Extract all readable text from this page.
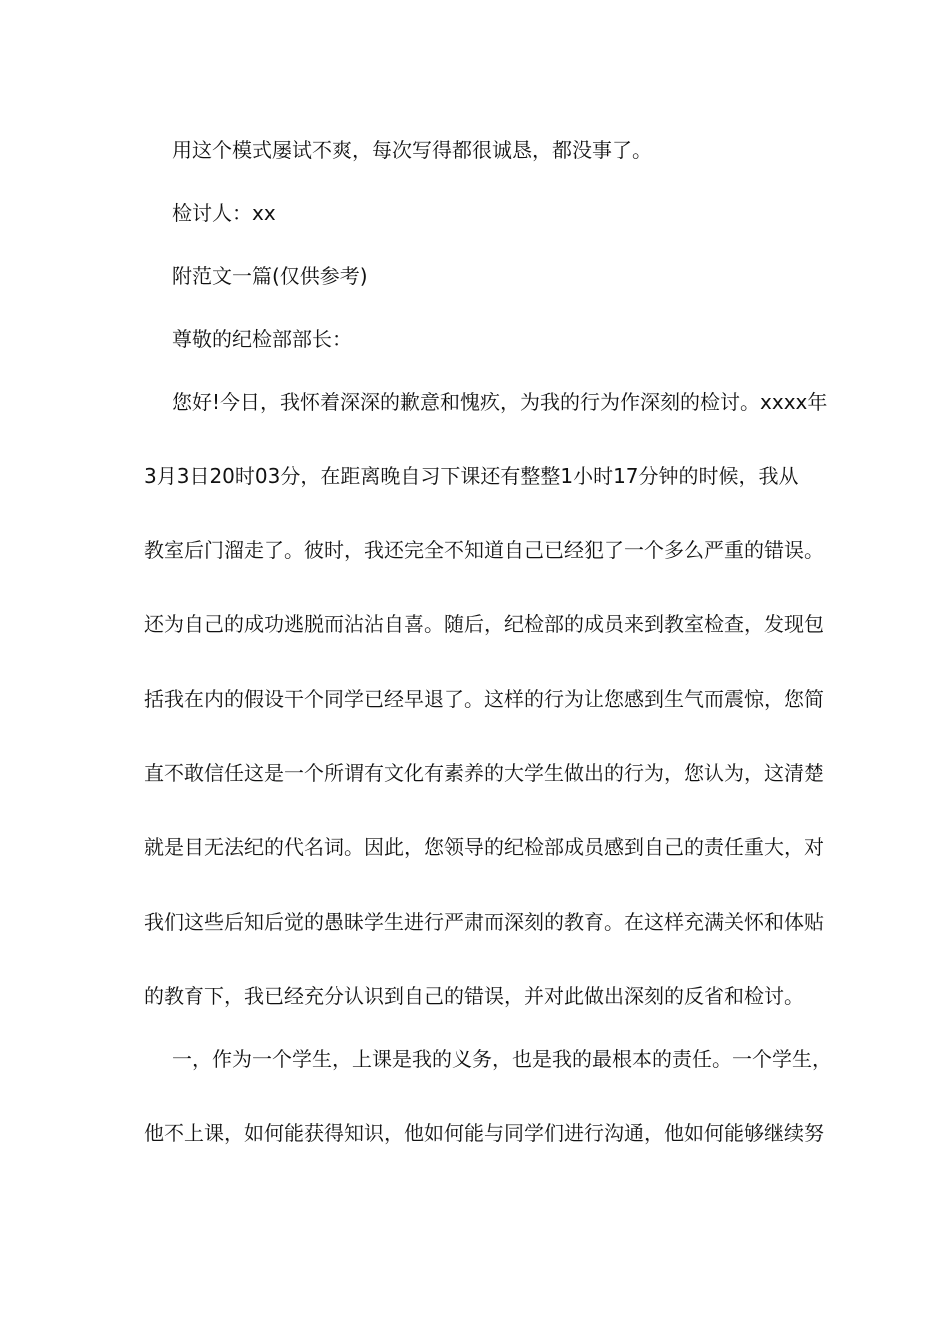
用这个模式屡试不爽，每次写得都很诚恳，都没事了。
检讨人：xx
附范文一篇(仅供参考)
尊敬的纪检部部长：
您好!今日，我怀着深深的歉意和愧疚，为我的行为作深刻的检讨。xxxx年
3月3日20时03分，在距离晚自习下课还有整整1小时17分钟的时候，我从
教室后门溜走了。彼时，我还完全不知道自己已经犯了一个多么严重的错误。
还为自己的成功逃脱而沾沾自喜。随后，纪检部的成员来到教室检查，发现包
括我在内的假设干个同学已经早退了。这样的行为让您感到生气而震惊，您简
直不敢信任这是一个所谓有文化有素养的大学生做出的行为，您认为，这清楚
就是目无法纪的代名词。因此，您领导的纪检部成员感到自己的责任重大，对
我们这些后知后觉的愚昧学生进行严肃而深刻的教育。在这样充满关怀和体贴
的教育下，我已经充分认识到自己的错误，并对此做出深刻的反省和检讨。
一，作为一个学生，上课是我的义务，也是我的最根本的责任。一个学生，
他不上课，如何能获得知识，他如何能与同学们进行沟通，他如何能够继续努
